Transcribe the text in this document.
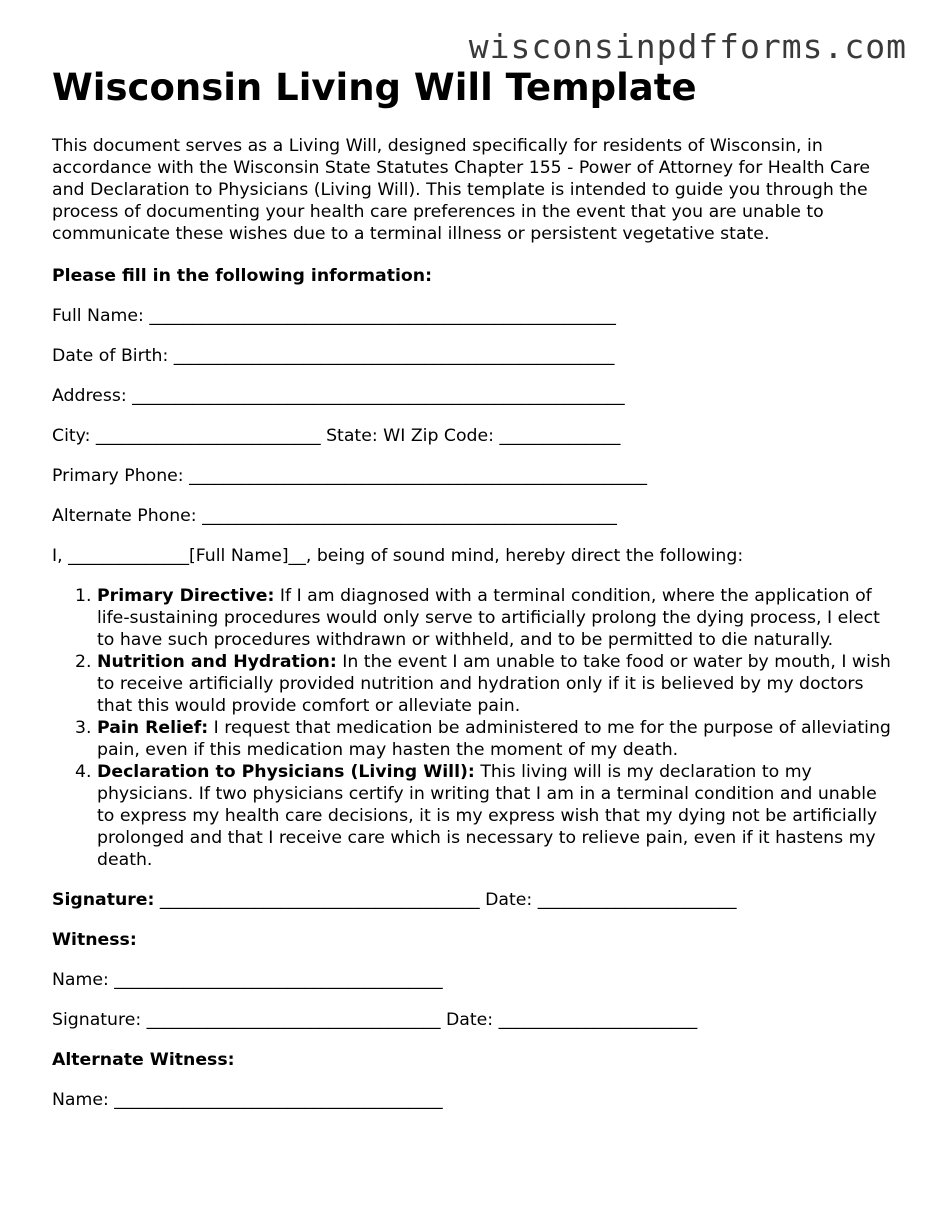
wisconsinpdfforms.com
Wisconsin Living Will Template
This document serves as a Living Will, designed specifically for residents of Wisconsin, in accordance with the Wisconsin State Statutes Chapter 155 - Power of Attorney for Health Care and Declaration to Physicians (Living Will). This template is intended to guide you through the process of documenting your health care preferences in the event that you are unable to communicate these wishes due to a terminal illness or persistent vegetative state.
Please fill in the following information:
Full Name: ______________________________________________________
Date of Birth: ___________________________________________________
Address: _________________________________________________________
City: __________________________ State: WI Zip Code: ______________
Primary Phone: _____________________________________________________
Alternate Phone: ________________________________________________
I, ______________[Full Name]__, being of sound mind, hereby direct the following:
1. Primary Directive: If I am diagnosed with a terminal condition, where the application of life-sustaining procedures would only serve to artificially prolong the dying process, I elect to have such procedures withdrawn or withheld, and to be permitted to die naturally.
2. Nutrition and Hydration: In the event I am unable to take food or water by mouth, I wish to receive artificially provided nutrition and hydration only if it is believed by my doctors that this would provide comfort or alleviate pain.
3. Pain Relief: I request that medication be administered to me for the purpose of alleviating pain, even if this medication may hasten the moment of my death.
4. Declaration to Physicians (Living Will): This living will is my declaration to my physicians. If two physicians certify in writing that I am in a terminal condition and unable to express my health care decisions, it is my express wish that my dying not be artificially prolonged and that I receive care which is necessary to relieve pain, even if it hastens my death.
Signature: _____________________________________ Date: _______________________
Witness:
Name: ______________________________________
Signature: __________________________________ Date: _______________________
Alternate Witness:
Name: ______________________________________
